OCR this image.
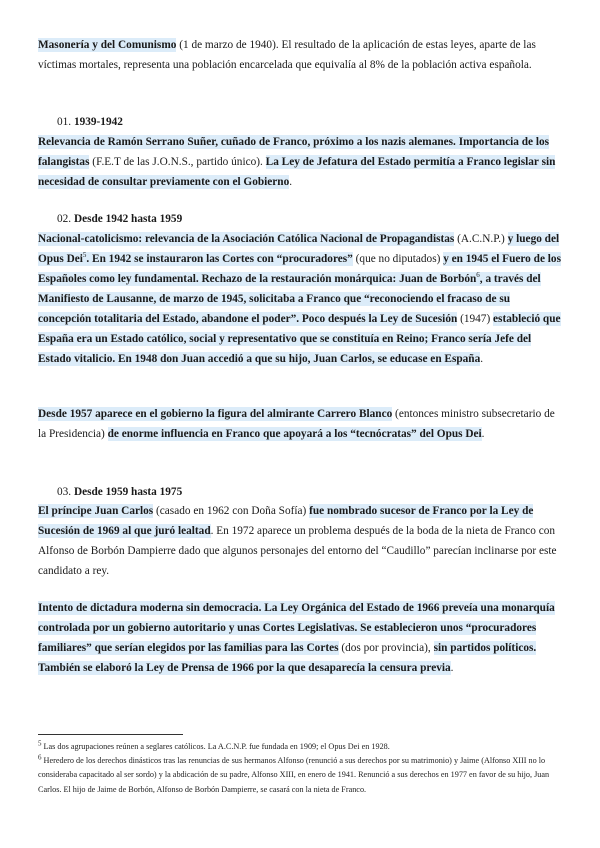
Masonería y del Comunismo (1 de marzo de 1940). El resultado de la aplicación de estas leyes, aparte de las víctimas mortales, representa una población encarcelada que equivalía al 8% de la población activa española.

01. 1939-1942

Relevancia de Ramón Serrano Suñer, cuñado de Franco, próximo a los nazis alemanes. Importancia de los falangistas (F.E.T de las J.O.N.S., partido único). La Ley de Jefatura del Estado permitía a Franco legislar sin necesidad de consultar previamente con el Gobierno.

02. Desde 1942 hasta 1959

Nacional-catolicismo: relevancia de la Asociación Católica Nacional de Propagandistas (A.C.N.P.) y luego del Opus Dei$^5$. En 1942 se instauraron las Cortes con “procuradores” (que no diputados) y en 1945 el Fuero de los Españoles como ley fundamental. Rechazo de la restauración monárquica: Juan de Borbón$^6$, a través del Manifiesto de Lausanne, de marzo de 1945, solicitaba a Franco que “reconociendo el fracaso de su concepción totalitaria del Estado, abandone el poder”. Poco después la Ley de Sucesión (1947) estableció que España era un Estado católico, social y representativo que se constituía en Reino; Franco sería Jefe del Estado vitalicio. En 1948 don Juan accedió a que su hijo, Juan Carlos, se educase en España.

Desde 1957 aparece en el gobierno la figura del almirante Carrero Blanco (entonces ministro subsecretario de la Presidencia) de enorme influencia en Franco que apoyará a los “tecnócratas” del Opus Dei.

03. Desde 1959 hasta 1975

El príncipe Juan Carlos (casado en 1962 con Doña Sofía) fue nombrado sucesor de Franco por la Ley de Sucesión de 1969 al que juró lealtad. En 1972 aparece un problema después de la boda de la nieta de Franco con Alfonso de Borbón Dampierre dado que algunos personajes del entorno del “Caudillo” parecían inclinarse por este candidato a rey.

Intento de dictadura moderna sin democracia. La Ley Orgánica del Estado de 1966 preveía una monarquía controlada por un gobierno autoritario y unas Cortes Legislativas. Se establecieron unos “procuradores familiares” que serían elegidos por las familias para las Cortes (dos por provincia), sin partidos políticos. También se elaboró la Ley de Prensa de 1966 por la que desaparecía la censura previa.

$^5$ Las dos agrupaciones reúnen a seglares católicos. La A.C.N.P. fue fundada en 1909; el Opus Dei en 1928.

$^6$ Heredero de los derechos dinásticos tras las renuncias de sus hermanos Alfonso (renunció a sus derechos por su matrimonio) y Jaime (Alfonso XIII no lo consideraba capacitado al ser sordo) y la abdicación de su padre, Alfonso XIII, en enero de 1941. Renunció a sus derechos en 1977 en favor de su hijo, Juan Carlos. El hijo de Jaime de Borbón, Alfonso de Borbón Dampierre, se casará con la nieta de Franco.
